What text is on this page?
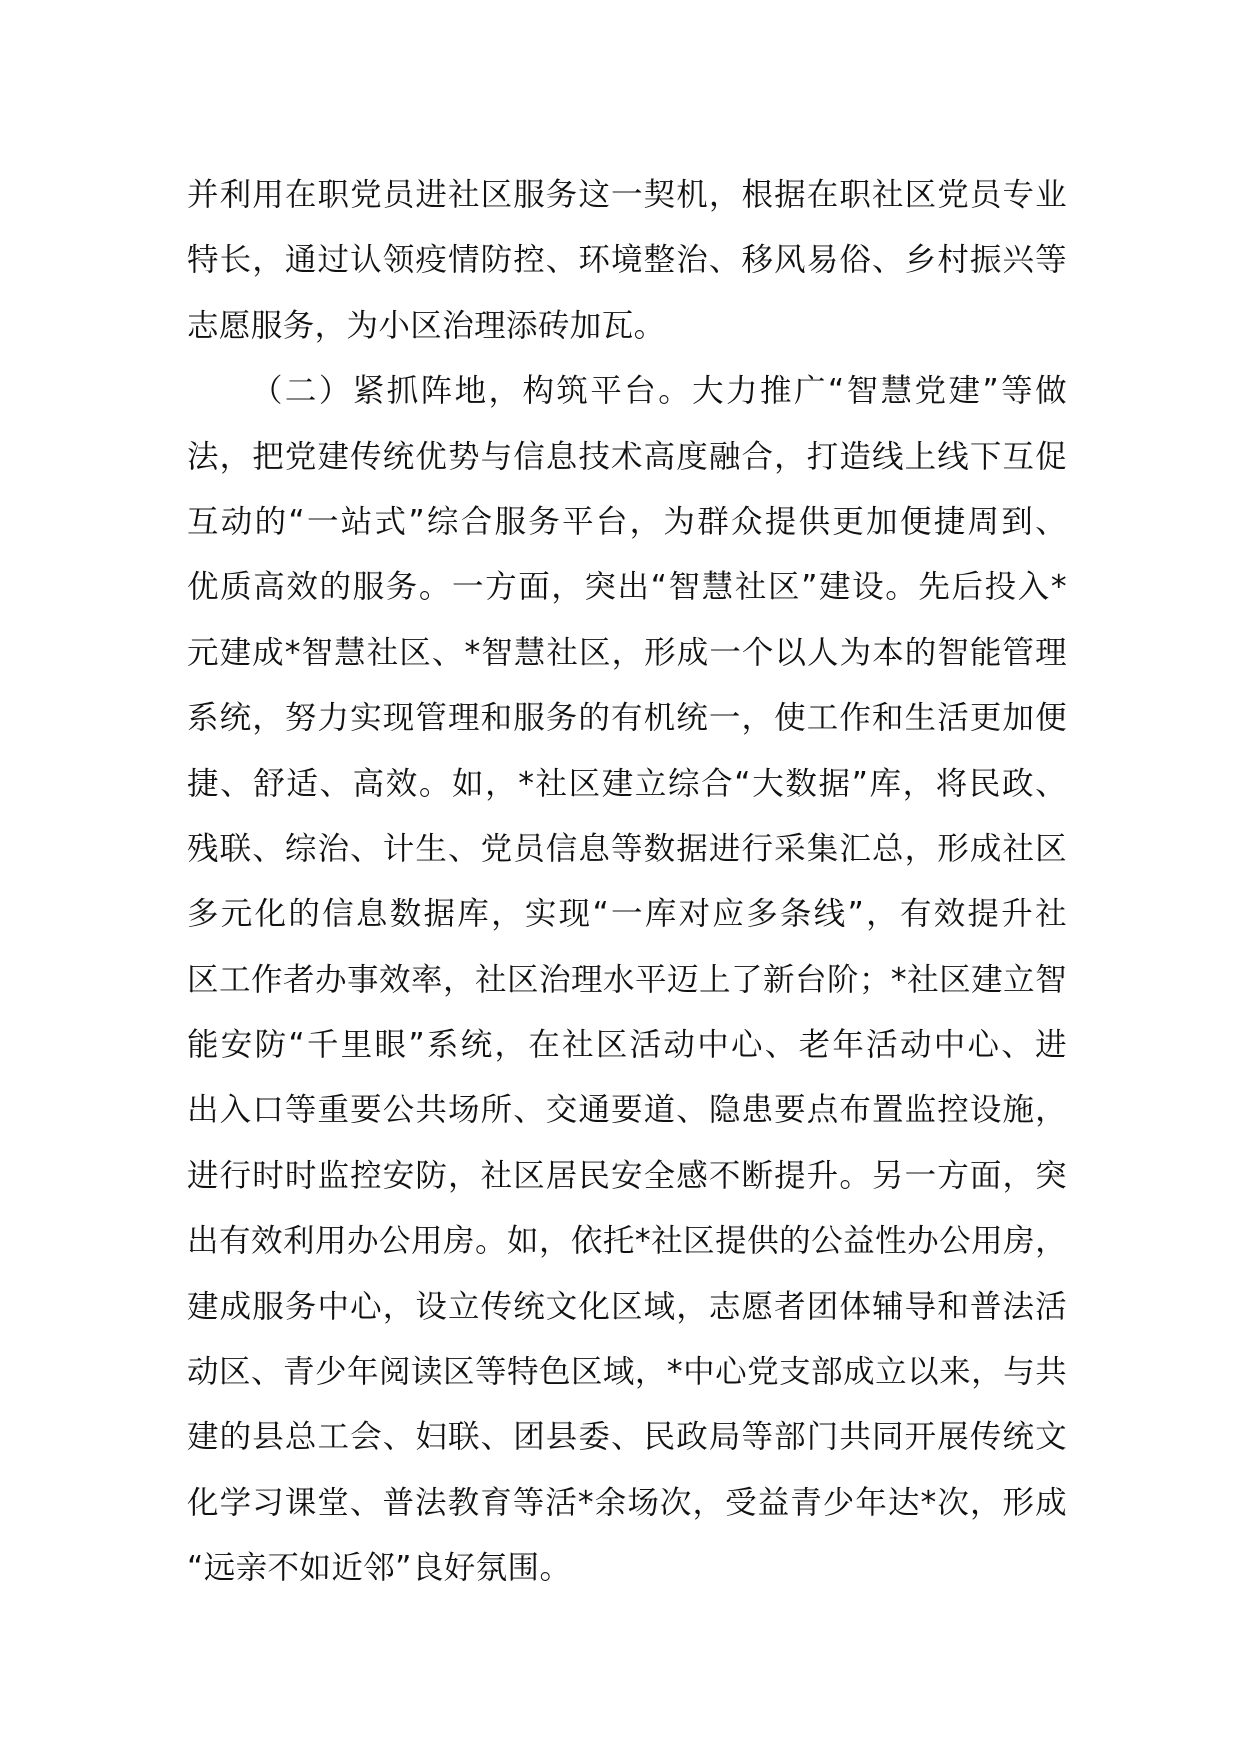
并利用在职党员进社区服务这一契机，根据在职社区党员专业
特长，通过认领疫情防控、环境整治、移风易俗、乡村振兴等
志愿服务，为小区治理添砖加瓦。
（二）紧抓阵地，构筑平台。大力推广“智慧党建”等做
法，把党建传统优势与信息技术高度融合，打造线上线下互促
互动的“一站式”综合服务平台，为群众提供更加便捷周到、
优质高效的服务。一方面，突出“智慧社区”建设。先后投入*
元建成*智慧社区、*智慧社区，形成一个以人为本的智能管理
系统，努力实现管理和服务的有机统一，使工作和生活更加便
捷、舒适、高效。如，*社区建立综合“大数据”库，将民政、
残联、综治、计生、党员信息等数据进行采集汇总，形成社区
多元化的信息数据库，实现“一库对应多条线”，有效提升社
区工作者办事效率，社区治理水平迈上了新台阶；*社区建立智
能安防“千里眼”系统，在社区活动中心、老年活动中心、进
出入口等重要公共场所、交通要道、隐患要点布置监控设施，
进行时时监控安防，社区居民安全感不断提升。另一方面，突
出有效利用办公用房。如，依托*社区提供的公益性办公用房，
建成服务中心，设立传统文化区域，志愿者团体辅导和普法活
动区、青少年阅读区等特色区域，*中心党支部成立以来，与共
建的县总工会、妇联、团县委、民政局等部门共同开展传统文
化学习课堂、普法教育等活*余场次，受益青少年达*次，形成
“远亲不如近邻”良好氛围。
